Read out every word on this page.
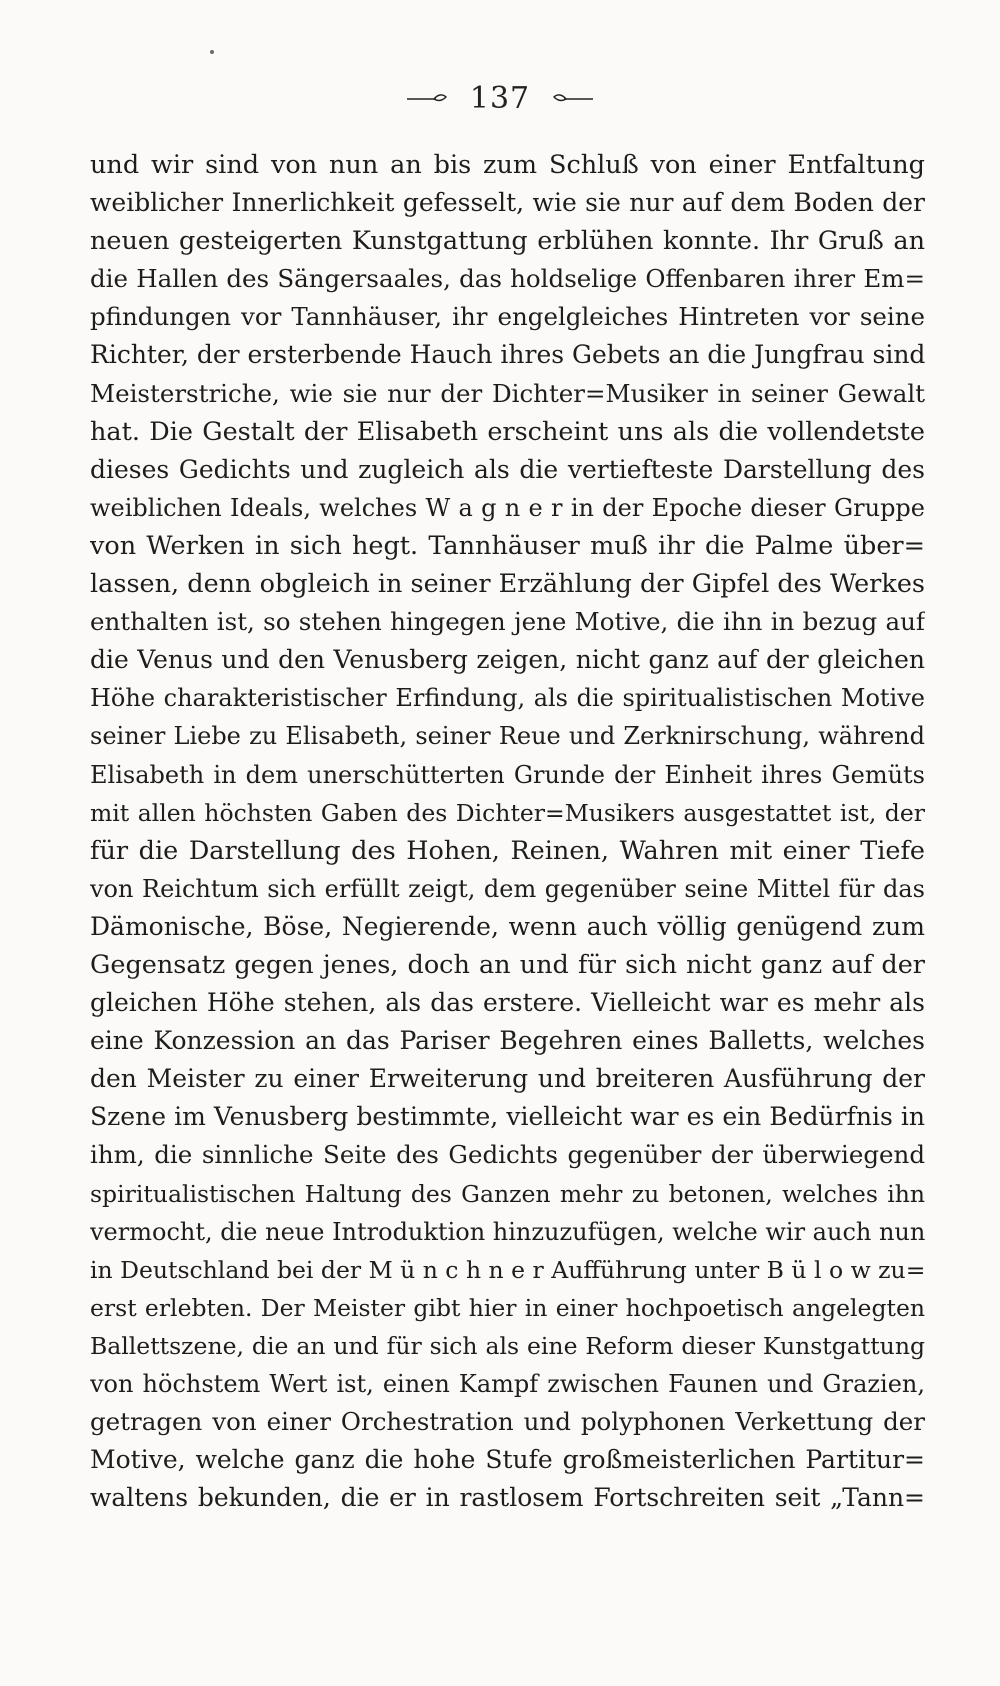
137
und wir sind von nun an bis zum Schluß von einer Entfaltung
weiblicher Innerlichkeit gefesselt, wie sie nur auf dem Boden der
neuen gesteigerten Kunstgattung erblühen konnte. Ihr Gruß an
die Hallen des Sängersaales, das holdselige Offenbaren ihrer Em=
pfindungen vor Tannhäuser, ihr engelgleiches Hintreten vor seine
Richter, der ersterbende Hauch ihres Gebets an die Jungfrau sind
Meisterstriche, wie sie nur der Dichter=Musiker in seiner Gewalt
hat. Die Gestalt der Elisabeth erscheint uns als die vollendetste
dieses Gedichts und zugleich als die vertiefteste Darstellung des
weiblichen Ideals, welches W a g n e r in der Epoche dieser Gruppe
von Werken in sich hegt. Tannhäuser muß ihr die Palme über=
lassen, denn obgleich in seiner Erzählung der Gipfel des Werkes
enthalten ist, so stehen hingegen jene Motive, die ihn in bezug auf
die Venus und den Venusberg zeigen, nicht ganz auf der gleichen
Höhe charakteristischer Erfindung, als die spiritualistischen Motive
seiner Liebe zu Elisabeth, seiner Reue und Zerknirschung, während
Elisabeth in dem unerschütterten Grunde der Einheit ihres Gemüts
mit allen höchsten Gaben des Dichter=Musikers ausgestattet ist, der
für die Darstellung des Hohen, Reinen, Wahren mit einer Tiefe
von Reichtum sich erfüllt zeigt, dem gegenüber seine Mittel für das
Dämonische, Böse, Negierende, wenn auch völlig genügend zum
Gegensatz gegen jenes, doch an und für sich nicht ganz auf der
gleichen Höhe stehen, als das erstere. Vielleicht war es mehr als
eine Konzession an das Pariser Begehren eines Balletts, welches
den Meister zu einer Erweiterung und breiteren Ausführung der
Szene im Venusberg bestimmte, vielleicht war es ein Bedürfnis in
ihm, die sinnliche Seite des Gedichts gegenüber der überwiegend
spiritualistischen Haltung des Ganzen mehr zu betonen, welches ihn
vermocht, die neue Introduktion hinzuzufügen, welche wir auch nun
in Deutschland bei der M ü n c h n e r Aufführung unter B ü l o w zu=
erst erlebten. Der Meister gibt hier in einer hochpoetisch angelegten
Ballettszene, die an und für sich als eine Reform dieser Kunstgattung
von höchstem Wert ist, einen Kampf zwischen Faunen und Grazien,
getragen von einer Orchestration und polyphonen Verkettung der
Motive, welche ganz die hohe Stufe großmeisterlichen Partitur=
waltens bekunden, die er in rastlosem Fortschreiten seit „Tann=
